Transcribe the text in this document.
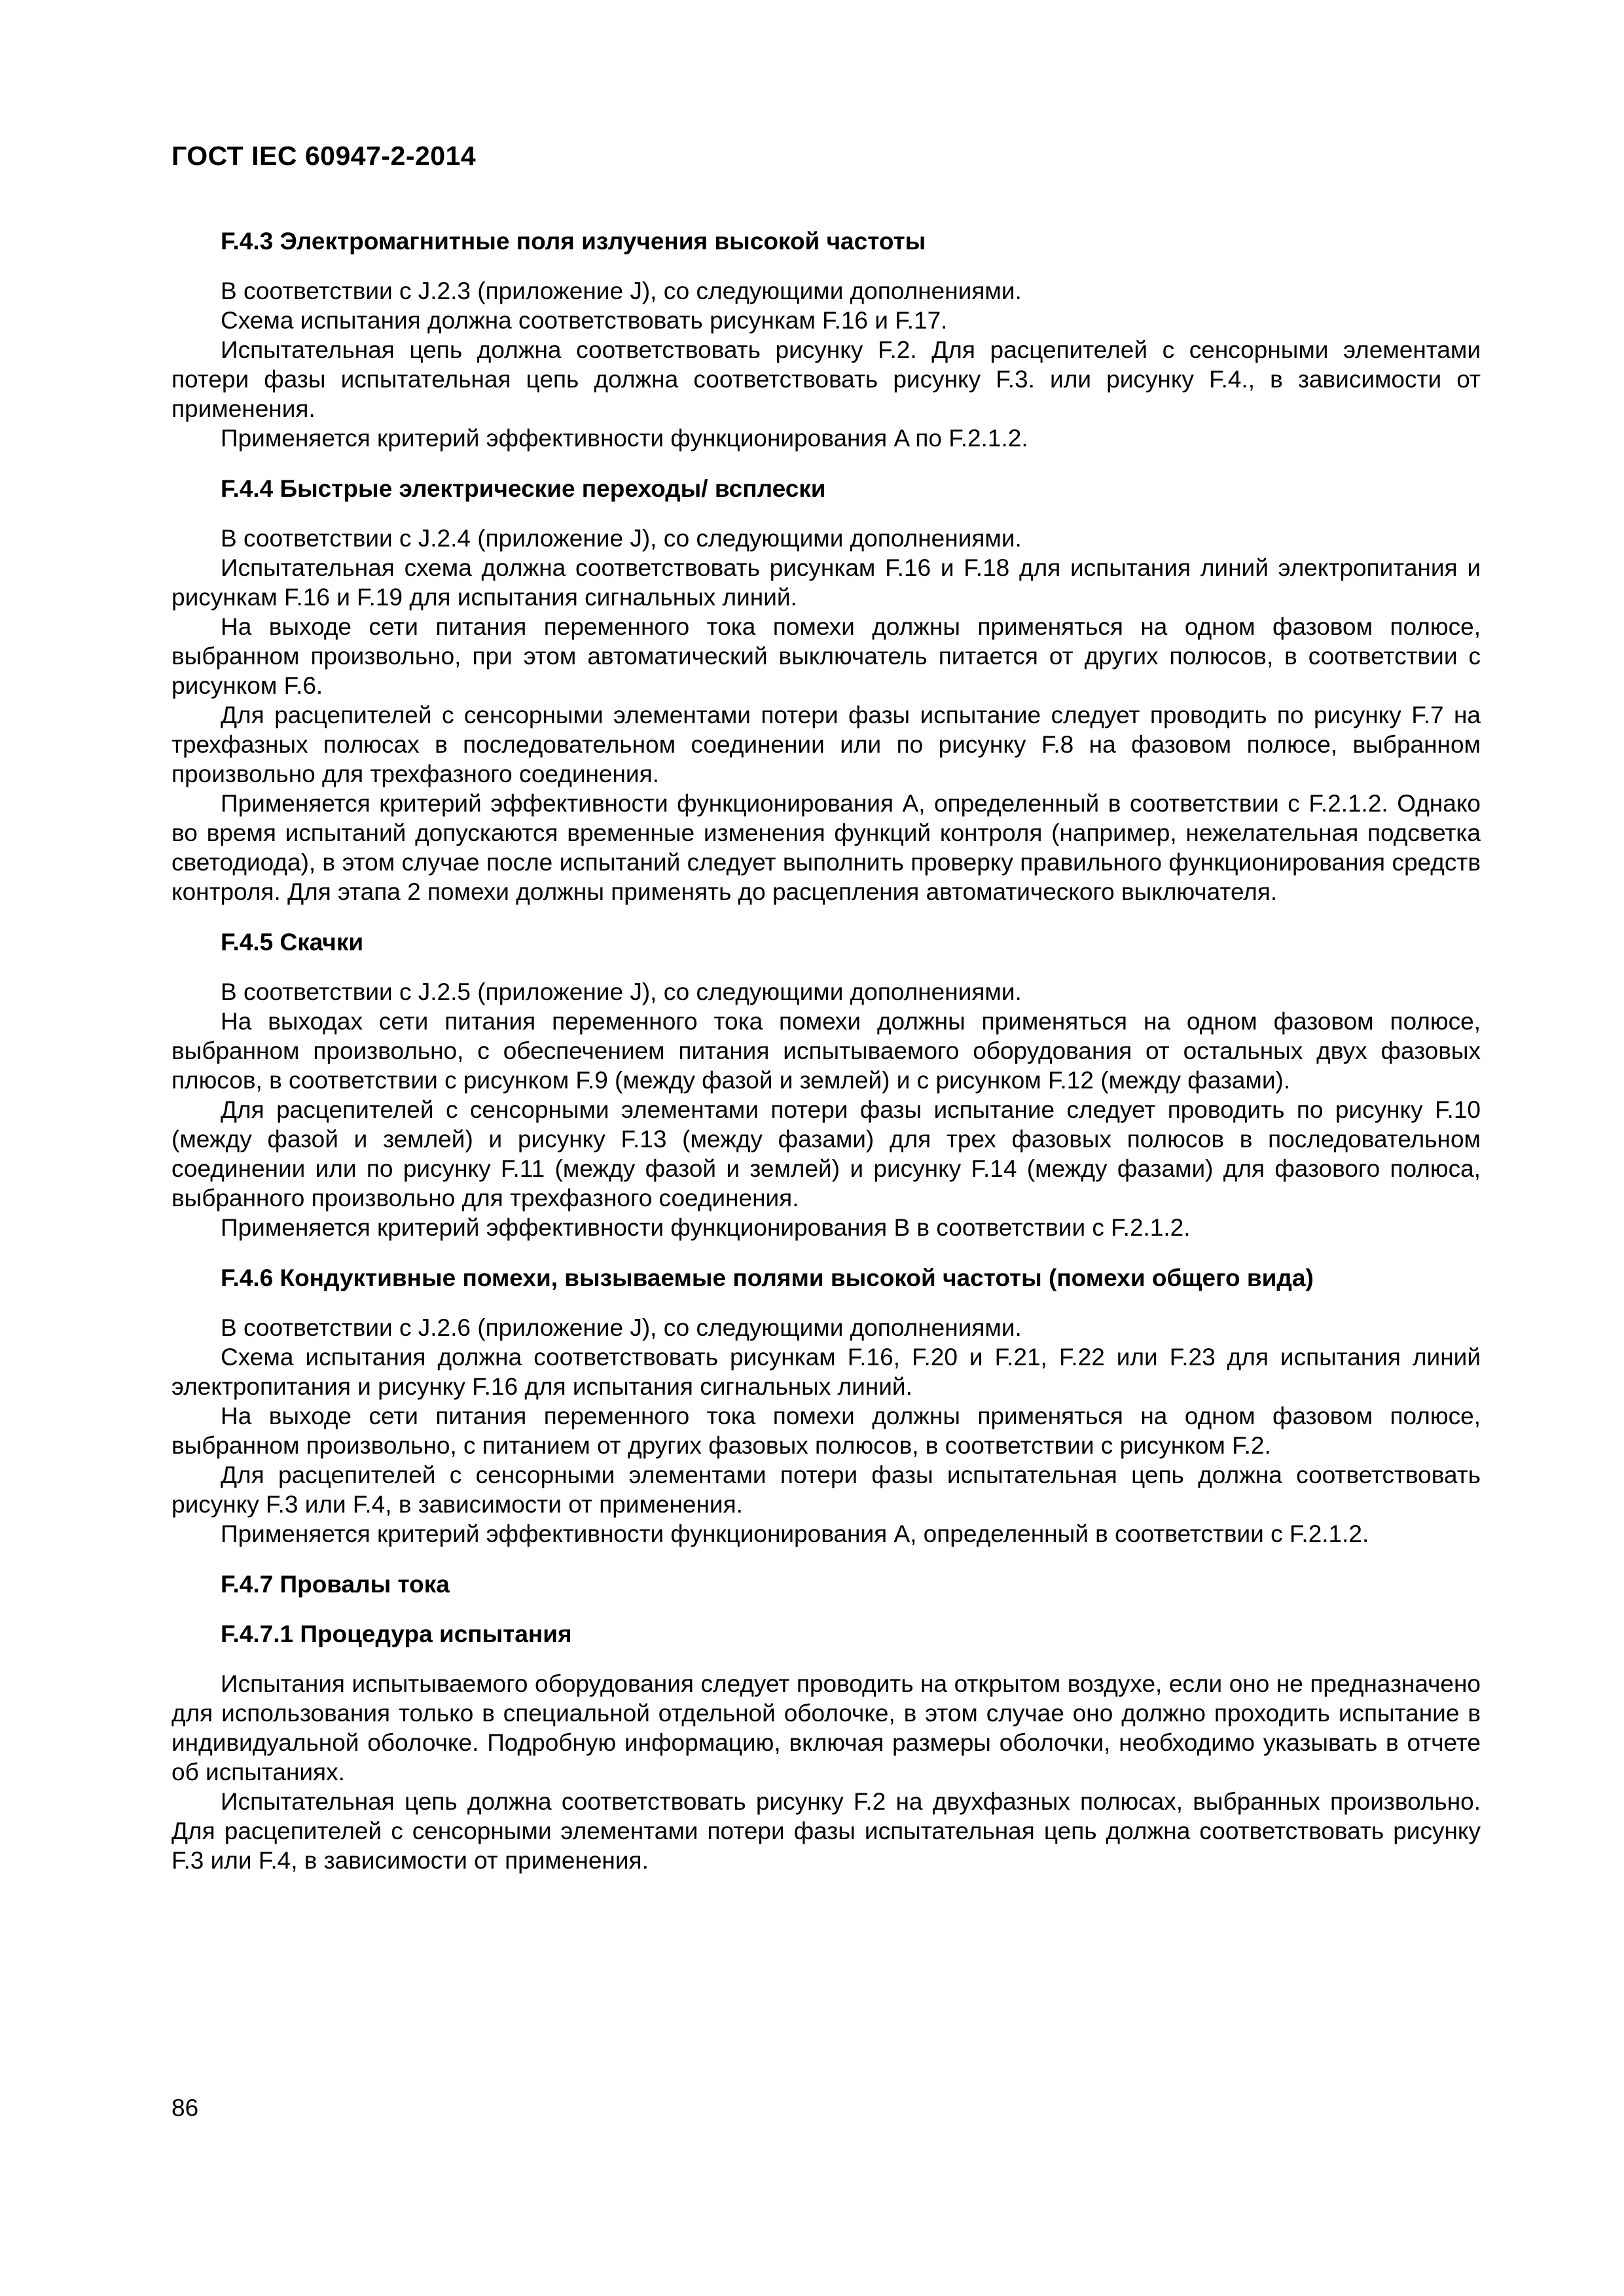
ГОСТ IEC 60947-2-2014
F.4.3 Электромагнитные поля излучения высокой частоты

В соответствии с J.2.3 (приложение J), со следующими дополнениями.

Схема испытания должна соответствовать рисункам F.16 и F.17.

Испытательная цепь должна соответствовать рисунку F.2. Для расцепителей с сенсорными элементами потери фазы испытательная цепь должна соответствовать рисунку F.3. или рисунку F.4., в зависимости от применения.

Применяется критерий эффективности функционирования A по F.2.1.2.

F.4.4 Быстрые электрические переходы/ всплески

В соответствии с J.2.4 (приложение J), со следующими дополнениями.

Испытательная схема должна соответствовать рисункам F.16 и F.18 для испытания линий электропитания и рисункам F.16 и F.19 для испытания сигнальных линий.

На выходе сети питания переменного тока помехи должны применяться на одном фазовом полюсе, выбранном произвольно, при этом автоматический выключатель питается от других полюсов, в соответствии с рисунком F.6.

Для расцепителей с сенсорными элементами потери фазы испытание следует проводить по рисунку F.7 на трехфазных полюсах в последовательном соединении или по рисунку F.8 на фазовом полюсе, выбранном произвольно для трехфазного соединения.

Применяется критерий эффективности функционирования A, определенный в соответствии с F.2.1.2. Однако во время испытаний допускаются временные изменения функций контроля (например, нежелательная подсветка светодиода), в этом случае после испытаний следует выполнить проверку правильного функционирования средств контроля. Для этапа 2 помехи должны применять до расцепления автоматического выключателя.

F.4.5 Скачки

В соответствии с J.2.5 (приложение J), со следующими дополнениями.

На выходах сети питания переменного тока помехи должны применяться на одном фазовом полюсе, выбранном произвольно, с обеспечением питания испытываемого оборудования от остальных двух фазовых плюсов, в соответствии с рисунком F.9 (между фазой и землей) и с рисунком F.12 (между фазами).

Для расцепителей с сенсорными элементами потери фазы испытание следует проводить по рисунку F.10 (между фазой и землей) и рисунку F.13 (между фазами) для трех фазовых полюсов в последовательном соединении или по рисунку F.11 (между фазой и землей) и рисунку F.14 (между фазами) для фазового полюса, выбранного произвольно для трехфазного соединения.

Применяется критерий эффективности функционирования B в соответствии с F.2.1.2.

F.4.6 Кондуктивные помехи, вызываемые полями высокой частоты (помехи общего вида)

В соответствии с J.2.6 (приложение J), со следующими дополнениями.

Схема испытания должна соответствовать рисункам F.16, F.20 и F.21, F.22 или F.23 для испытания линий электропитания и рисунку F.16 для испытания сигнальных линий.

На выходе сети питания переменного тока помехи должны применяться на одном фазовом полюсе, выбранном произвольно, с питанием от других фазовых полюсов, в соответствии с рисунком F.2.

Для расцепителей с сенсорными элементами потери фазы испытательная цепь должна соответствовать рисунку F.3 или F.4, в зависимости от применения.

Применяется критерий эффективности функционирования A, определенный в соответствии с F.2.1.2.

F.4.7 Провалы тока
F.4.7.1 Процедура испытания

Испытания испытываемого оборудования следует проводить на открытом воздухе, если оно не предназначено для использования только в специальной отдельной оболочке, в этом случае оно должно проходить испытание в индивидуальной оболочке. Подробную информацию, включая размеры оболочки, необходимо указывать в отчете об испытаниях.

Испытательная цепь должна соответствовать рисунку F.2 на двухфазных полюсах, выбранных произвольно. Для расцепителей с сенсорными элементами потери фазы испытательная цепь должна соответствовать рисунку F.3 или F.4, в зависимости от применения.

86
